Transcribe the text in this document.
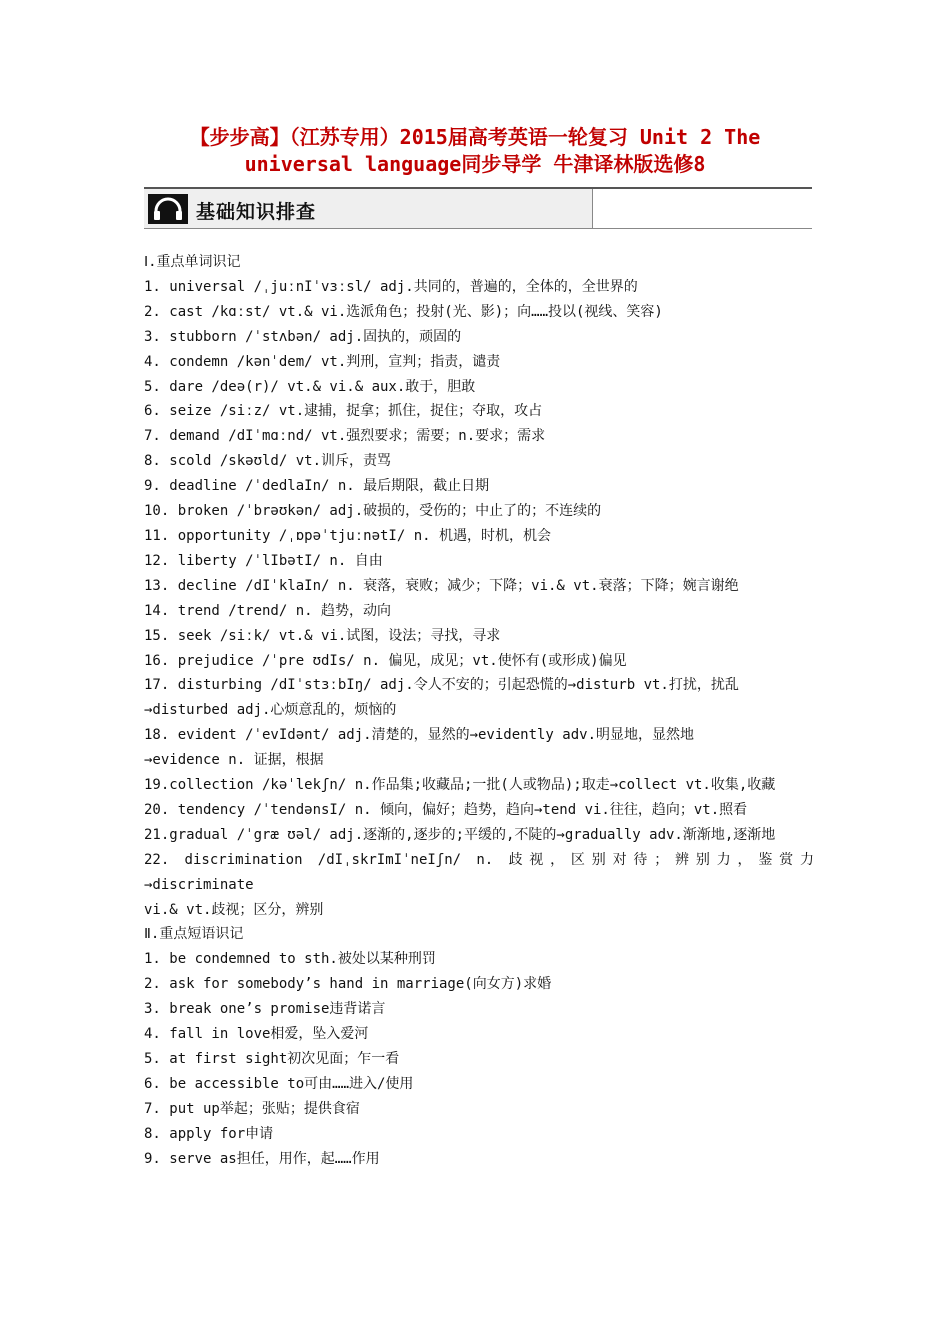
【步步高】（江苏专用）2015届高考英语一轮复习 Unit 2 The
universal language同步导学 牛津译林版选修8
基础知识排查
Ⅰ.重点单词识记
1. universal /ˌjuːnIˈvɜːsl/ adj.共同的，普遍的，全体的，全世界的
2. cast /kɑːst/ vt.& vi.选派角色；投射(光、影)；向……投以(视线、笑容)
3. stubborn /ˈstʌbən/ adj.固执的，顽固的
4. condemn /kənˈdem/ vt.判刑，宣判；指责，谴责
5. dare /deə(r)/ vt.& vi.& aux.敢于，胆敢
6. seize /siːz/ vt.逮捕，捉拿；抓住，捉住；夺取，攻占
7. demand /dIˈmɑːnd/ vt.强烈要求；需要；n.要求；需求
8. scold /skəʊld/ vt.训斥，责骂
9. deadline /ˈdedlaIn/ n. 最后期限，截止日期
10. broken /ˈbrəʊkən/ adj.破损的，受伤的；中止了的；不连续的
11. opportunity /ˌɒpəˈtjuːnətI/ n. 机遇，时机，机会
12. liberty /ˈlIbətI/ n. 自由
13. decline /dIˈklaIn/ n. 衰落，衰败；减少；下降；vi.& vt.衰落；下降；婉言谢绝
14. trend /trend/ n. 趋势，动向
15. seek /siːk/ vt.& vi.试图，设法；寻找，寻求
16. prejudice /ˈpre ʊdIs/ n. 偏见，成见；vt.使怀有(或形成)偏见
17. disturbing /dIˈstɜːbIŋ/ adj.令人不安的；引起恐慌的→disturb vt.打扰，扰乱
→disturbed adj.心烦意乱的，烦恼的
18. evident /ˈevIdənt/ adj.清楚的，显然的→evidently adv.明显地，显然地
→evidence n. 证据，根据
19.collection /kəˈlekʃn/ n.作品集;收藏品;一批(人或物品);取走→collect vt.收集,收藏
20. tendency /ˈtendənsI/ n. 倾向，偏好；趋势，趋向→tend vi.往往，趋向；vt.照看
21.gradual /ˈgræ ʊəl/ adj.逐渐的,逐步的;平缓的,不陡的→gradually adv.渐渐地,逐渐地
22. discrimination /dIˌskrImIˈneIʃn/ n. 歧视，区别对待；辨别力，鉴赏力
→discriminate
vi.& vt.歧视；区分，辨别
Ⅱ.重点短语识记
1. be condemned to sth.被处以某种刑罚
2. ask for somebody’s hand in marriage(向女方)求婚
3. break one’s promise违背诺言
4. fall in love相爱，坠入爱河
5. at first sight初次见面；乍一看
6. be accessible to可由……进入/使用
7. put up举起；张贴；提供食宿
8. apply for申请
9. serve as担任，用作，起……作用
